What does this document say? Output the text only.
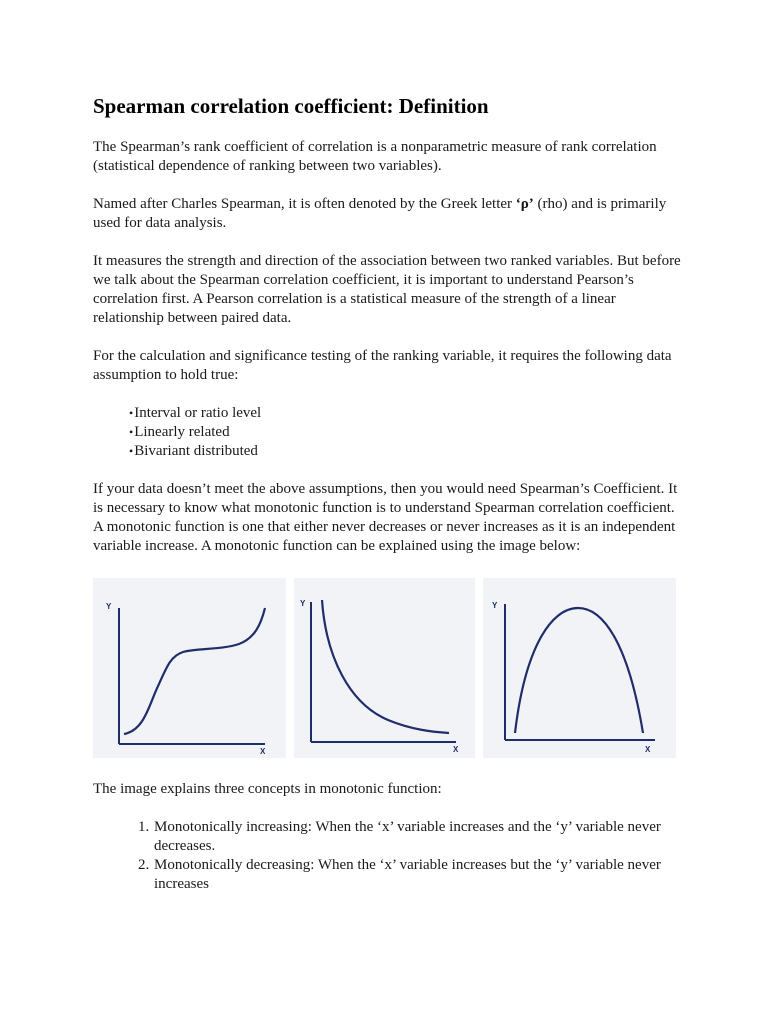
Spearman correlation coefficient: Definition

The Spearman’s rank coefficient of correlation is a nonparametric measure of rank correlation (statistical dependence of ranking between two variables).

Named after Charles Spearman, it is often denoted by the Greek letter ‘ρ’ (rho) and is primarily used for data analysis.

It measures the strength and direction of the association between two ranked variables. But before we talk about the Spearman correlation coefficient, it is important to understand Pearson’s correlation first. A Pearson correlation is a statistical measure of the strength of a linear relationship between paired data.

For the calculation and significance testing of the ranking variable, it requires the following data assumption to hold true:

• Interval or ratio level
• Linearly related
• Bivariant distributed

If your data doesn’t meet the above assumptions, then you would need Spearman’s Coefficient. It is necessary to know what monotonic function is to understand Spearman correlation coefficient. A monotonic function is one that either never decreases or never increases as it is an independent variable increase. A monotonic function can be explained using the image below:

Y
X
Y
X
Y
X

The image explains three concepts in monotonic function:

1. Monotonically increasing: When the ‘x’ variable increases and the ‘y’ variable never decreases.
2. Monotonically decreasing: When the ‘x’ variable increases but the ‘y’ variable never increases
